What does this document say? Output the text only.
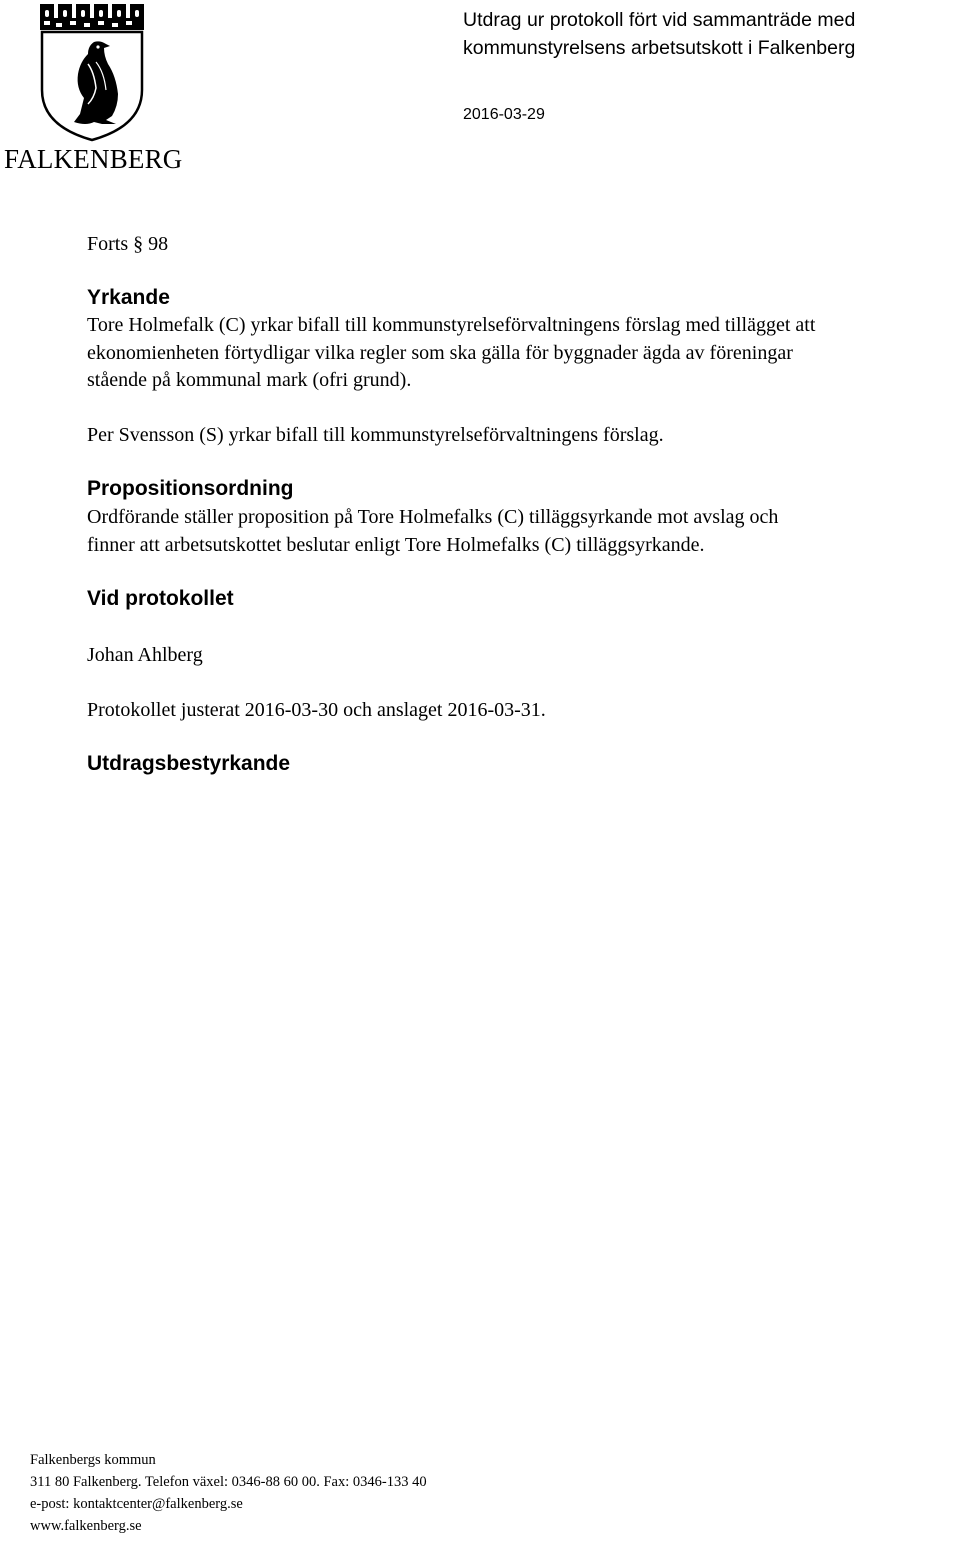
FALKENBERG
Utdrag ur protokoll fört vid sammanträde med
kommunstyrelsens arbetsutskott i Falkenberg
2016-03-29
Forts § 98
Yrkande
Tore Holmefalk (C) yrkar bifall till kommunstyrelseförvaltningens förslag med tillägget att
ekonomienheten förtydligar vilka regler som ska gälla för byggnader ägda av föreningar
stående på kommunal mark (ofri grund).
Per Svensson (S) yrkar bifall till kommunstyrelseförvaltningens förslag.
Propositionsordning
Ordförande ställer proposition på Tore Holmefalks (C) tilläggsyrkande mot avslag och
finner att arbetsutskottet beslutar enligt Tore Holmefalks (C) tilläggsyrkande.
Vid protokollet
Johan Ahlberg
Protokollet justerat 2016-03-30 och anslaget 2016-03-31.
Utdragsbestyrkande
Falkenbergs kommun
311 80 Falkenberg. Telefon växel: 0346-88 60 00. Fax: 0346-133 40
e-post: kontaktcenter@falkenberg.se
www.falkenberg.se
